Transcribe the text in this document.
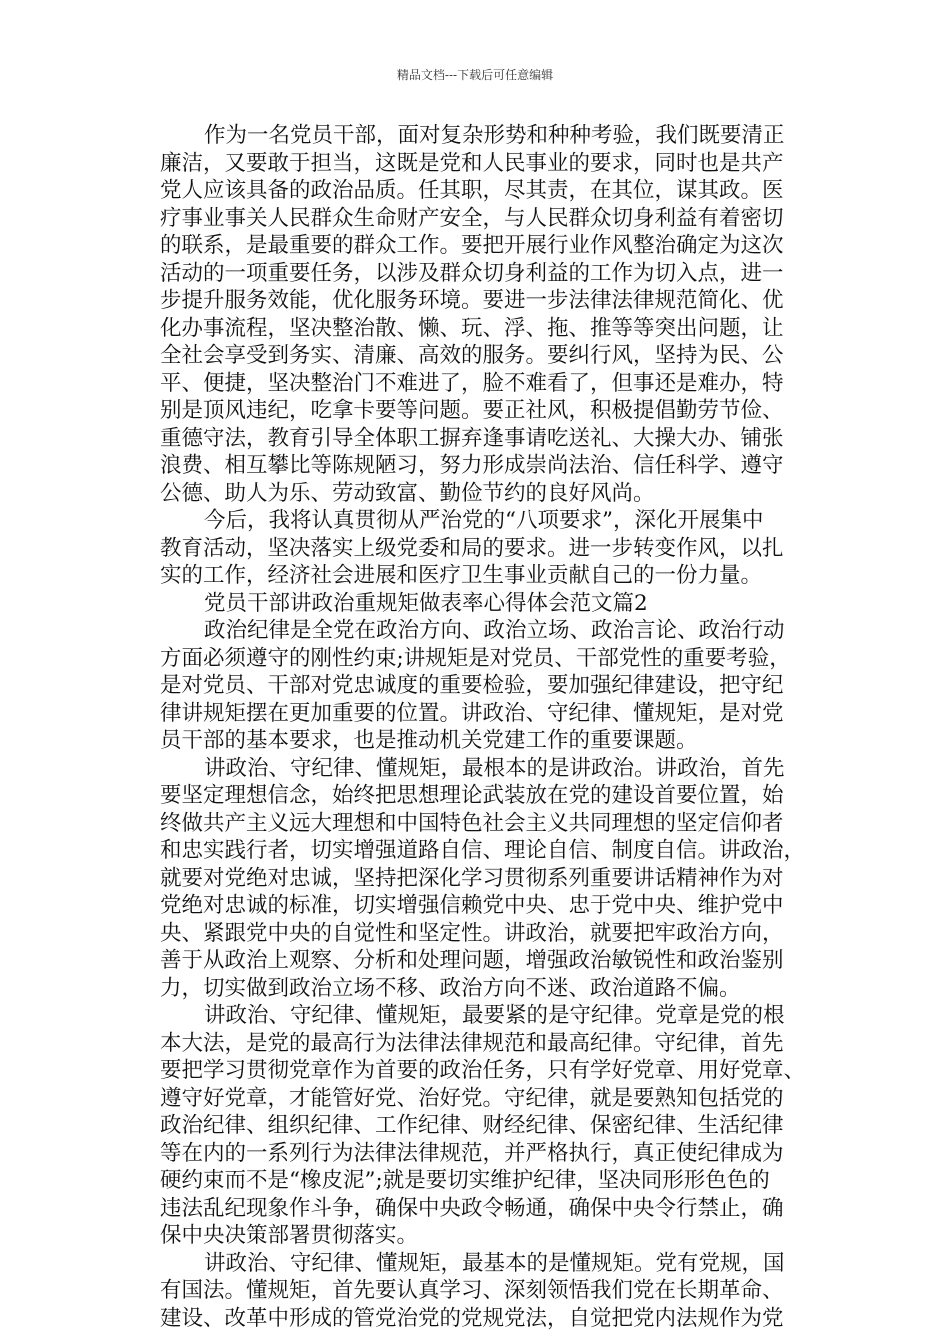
精品文档---下载后可任意编辑
作为一名党员干部，面对复杂形势和种种考验，我们既要清正
廉洁，又要敢于担当，这既是党和人民事业的要求，同时也是共产
党人应该具备的政治品质。任其职，尽其责，在其位，谋其政。医
疗事业事关人民群众生命财产安全，与人民群众切身利益有着密切
的联系，是最重要的群众工作。要把开展行业作风整治确定为这次
活动的一项重要任务，以涉及群众切身利益的工作为切入点，进一
步提升服务效能，优化服务环境。要进一步法律法律规范简化、优
化办事流程，坚决整治散、懒、玩、浮、拖、推等等突出问题，让
全社会享受到务实、清廉、高效的服务。要纠行风，坚持为民、公
平、便捷，坚决整治门不难进了，脸不难看了，但事还是难办，特
别是顶风违纪，吃拿卡要等问题。要正社风，积极提倡勤劳节俭、
重德守法，教育引导全体职工摒弃逢事请吃送礼、大操大办、铺张
浪费、相互攀比等陈规陋习，努力形成崇尚法治、信任科学、遵守
公德、助人为乐、劳动致富、勤俭节约的良好风尚。
今后，我将认真贯彻从严治党的“八项要求”，深化开展集中
教育活动，坚决落实上级党委和局的要求。进一步转变作风，以扎
实的工作，经济社会进展和医疗卫生事业贡献自己的一份力量。
党员干部讲政治重规矩做表率心得体会范文篇2
政治纪律是全党在政治方向、政治立场、政治言论、政治行动
方面必须遵守的刚性约束;讲规矩是对党员、干部党性的重要考验，
是对党员、干部对党忠诚度的重要检验，要加强纪律建设，把守纪
律讲规矩摆在更加重要的位置。讲政治、守纪律、懂规矩，是对党
员干部的基本要求，也是推动机关党建工作的重要课题。
讲政治、守纪律、懂规矩，最根本的是讲政治。讲政治，首先
要坚定理想信念，始终把思想理论武装放在党的建设首要位置，始
终做共产主义远大理想和中国特色社会主义共同理想的坚定信仰者
和忠实践行者，切实增强道路自信、理论自信、制度自信。讲政治，
就要对党绝对忠诚，坚持把深化学习贯彻系列重要讲话精神作为对
党绝对忠诚的标准，切实增强信赖党中央、忠于党中央、维护党中
央、紧跟党中央的自觉性和坚定性。讲政治，就要把牢政治方向，
善于从政治上观察、分析和处理问题，增强政治敏锐性和政治鉴别
力，切实做到政治立场不移、政治方向不迷、政治道路不偏。
讲政治、守纪律、懂规矩，最要紧的是守纪律。党章是党的根
本大法，是党的最高行为法律法律规范和最高纪律。守纪律，首先
要把学习贯彻党章作为首要的政治任务，只有学好党章、用好党章、
遵守好党章，才能管好党、治好党。守纪律，就是要熟知包括党的
政治纪律、组织纪律、工作纪律、财经纪律、保密纪律、生活纪律
等在内的一系列行为法律法律规范，并严格执行，真正使纪律成为
硬约束而不是“橡皮泥”;就是要切实维护纪律，坚决同形形色色的
违法乱纪现象作斗争，确保中央政令畅通，确保中央令行禁止，确
保中央决策部署贯彻落实。
讲政治、守纪律、懂规矩，最基本的是懂规矩。党有党规，国
有国法。懂规矩，首先要认真学习、深刻领悟我们党在长期革命、
建设、改革中形成的管党治党的党规党法，自觉把党内法规作为党
